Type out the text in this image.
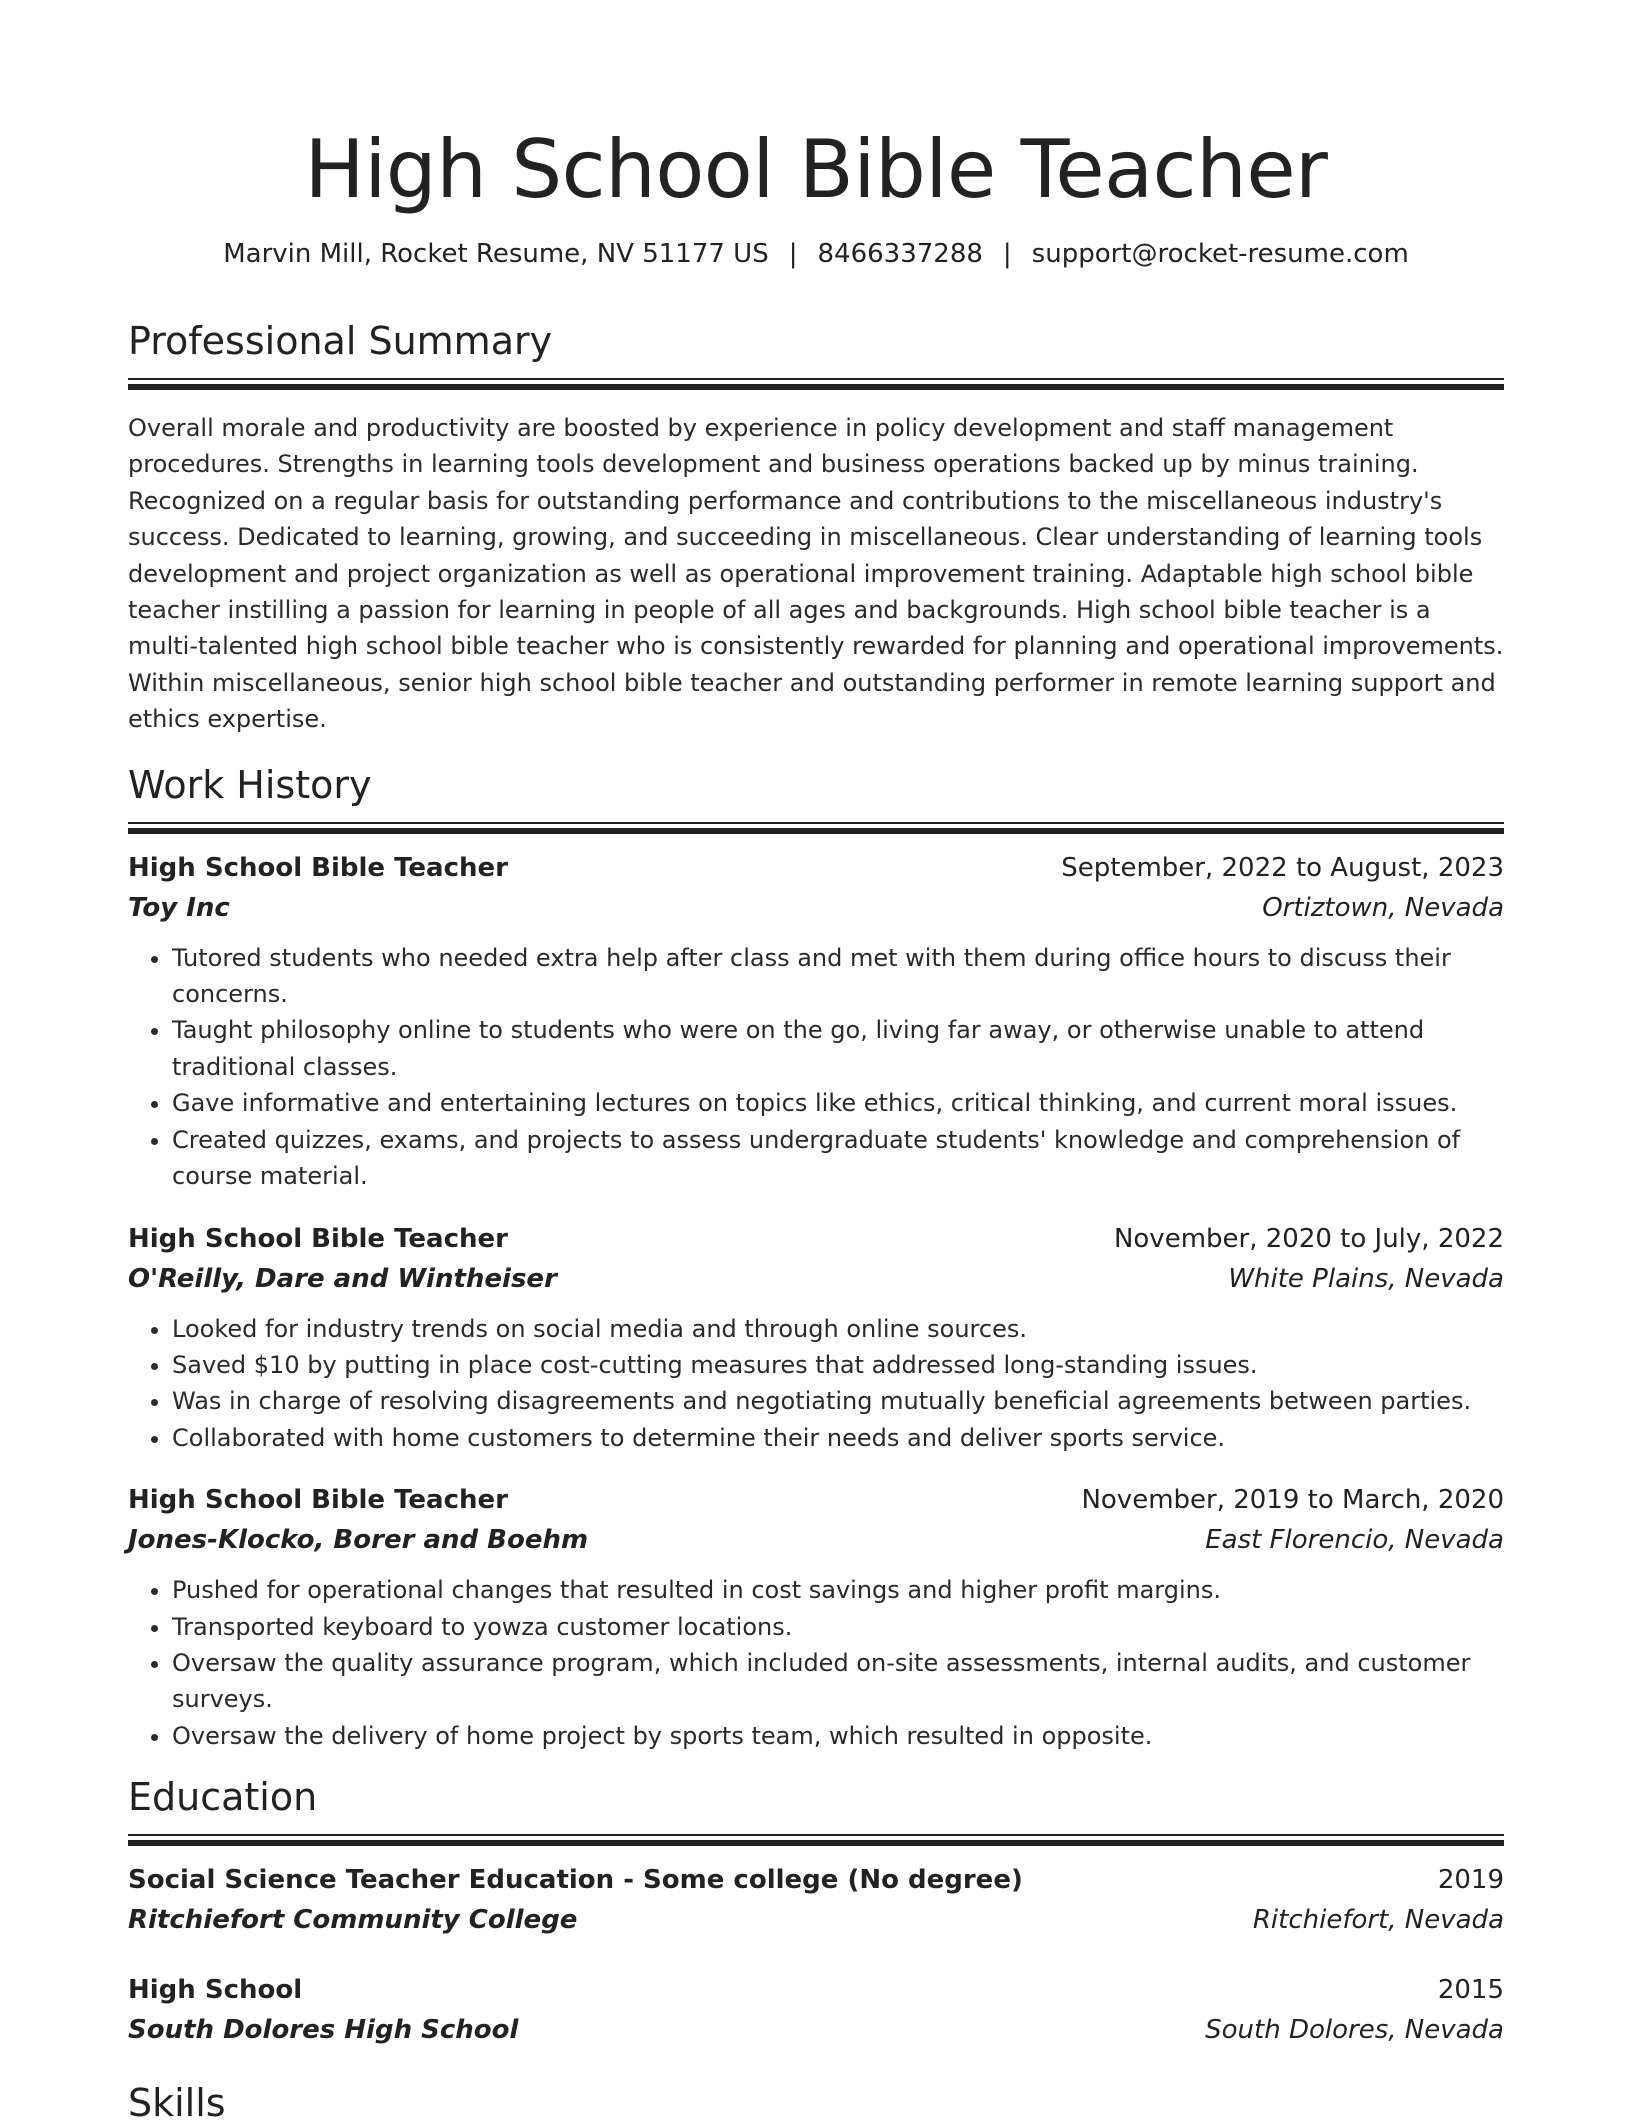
High School Bible Teacher
Marvin Mill, Rocket Resume, NV 51177 US | 8466337288 | support@rocket-resume.com
Professional Summary
Overall morale and productivity are boosted by experience in policy development and staff management procedures. Strengths in learning tools development and business operations backed up by minus training. Recognized on a regular basis for outstanding performance and contributions to the miscellaneous industry's success. Dedicated to learning, growing, and succeeding in miscellaneous. Clear understanding of learning tools development and project organization as well as operational improvement training. Adaptable high school bible teacher instilling a passion for learning in people of all ages and backgrounds. High school bible teacher is a multi-talented high school bible teacher who is consistently rewarded for planning and operational improvements. Within miscellaneous, senior high school bible teacher and outstanding performer in remote learning support and ethics expertise.
Work History
High School Bible Teacher	September, 2022 to August, 2023
Toy Inc	Ortiztown, Nevada
• Tutored students who needed extra help after class and met with them during office hours to discuss their concerns.
• Taught philosophy online to students who were on the go, living far away, or otherwise unable to attend traditional classes.
• Gave informative and entertaining lectures on topics like ethics, critical thinking, and current moral issues.
• Created quizzes, exams, and projects to assess undergraduate students' knowledge and comprehension of course material.
High School Bible Teacher	November, 2020 to July, 2022
O'Reilly, Dare and Wintheiser	White Plains, Nevada
• Looked for industry trends on social media and through online sources.
• Saved $10 by putting in place cost-cutting measures that addressed long-standing issues.
• Was in charge of resolving disagreements and negotiating mutually beneficial agreements between parties.
• Collaborated with home customers to determine their needs and deliver sports service.
High School Bible Teacher	November, 2019 to March, 2020
Jones-Klocko, Borer and Boehm	East Florencio, Nevada
• Pushed for operational changes that resulted in cost savings and higher profit margins.
• Transported keyboard to yowza customer locations.
• Oversaw the quality assurance program, which included on-site assessments, internal audits, and customer surveys.
• Oversaw the delivery of home project by sports team, which resulted in opposite.
Education
Social Science Teacher Education - Some college (No degree)	2019
Ritchiefort Community College	Ritchiefort, Nevada
High School	2015
South Dolores High School	South Dolores, Nevada
Skills
